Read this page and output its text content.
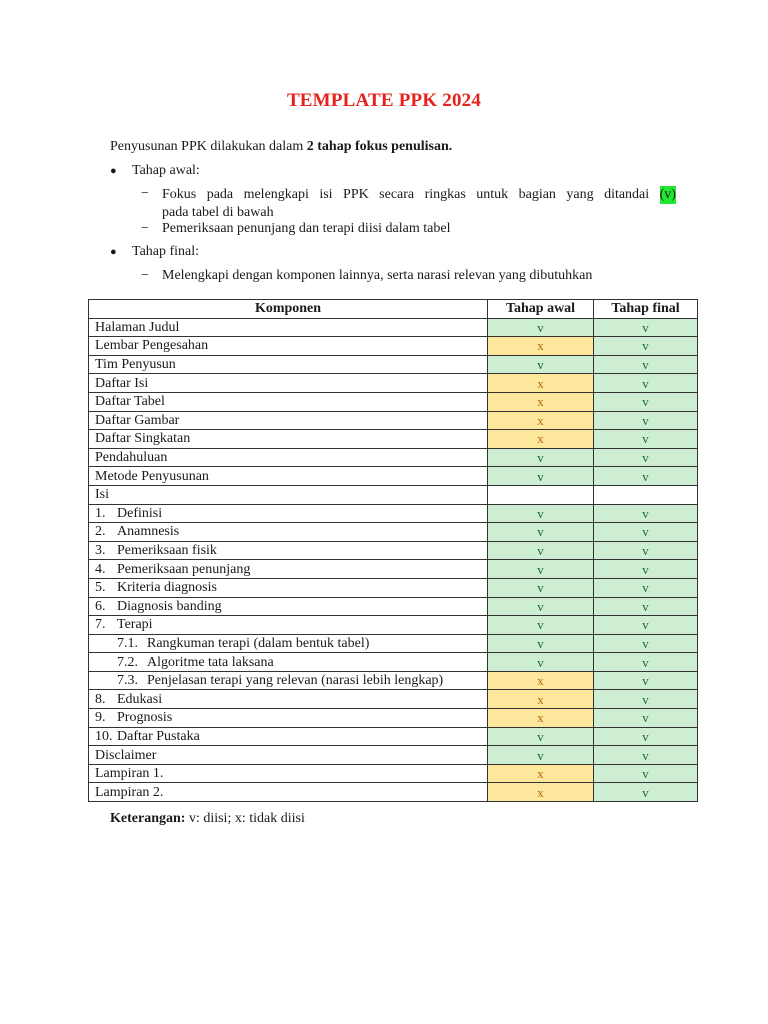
TEMPLATE PPK 2024
Penyusunan PPK dilakukan dalam 2 tahap fokus penulisan.
● Tahap awal:
− Fokus pada melengkapi isi PPK secara ringkas untuk bagian yang ditandai (v)
pada tabel di bawah
− Pemeriksaan penunjang dan terapi diisi dalam tabel
● Tahap final:
− Melengkapi dengan komponen lainnya, serta narasi relevan yang dibutuhkan
Komponen	Tahap awal	Tahap final
Halaman Judul	v	v
Lembar Pengesahan	x	v
Tim Penyusun	v	v
Daftar Isi	x	v
Daftar Tabel	x	v
Daftar Gambar	x	v
Daftar Singkatan	x	v
Pendahuluan	v	v
Metode Penyusunan	v	v
Isi		
1. Definisi	v	v
2. Anamnesis	v	v
3. Pemeriksaan fisik	v	v
4. Pemeriksaan penunjang	v	v
5. Kriteria diagnosis	v	v
6. Diagnosis banding	v	v
7. Terapi	v	v
7.1. Rangkuman terapi (dalam bentuk tabel)	v	v
7.2. Algoritme tata laksana	v	v
7.3. Penjelasan terapi yang relevan (narasi lebih lengkap)	x	v
8. Edukasi	x	v
9. Prognosis	x	v
10. Daftar Pustaka	v	v
Disclaimer	v	v
Lampiran 1.	x	v
Lampiran 2.	x	v
Keterangan: v: diisi; x: tidak diisi
